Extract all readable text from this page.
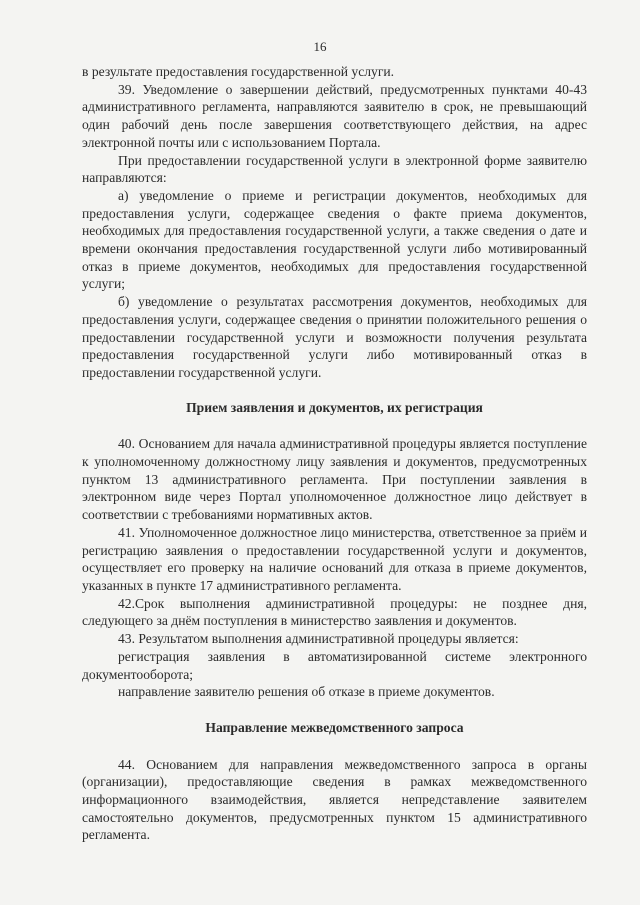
16

в результате предоставления государственной услуги.

39. Уведомление о завершении действий, предусмотренных пунктами 40-43 административного регламента, направляются заявителю в срок, не превышающий один рабочий день после завершения соответствующего действия, на адрес электронной почты или с использованием Портала.

При предоставлении государственной услуги в электронной форме заявителю направляются:

а) уведомление о приеме и регистрации документов, необходимых для предоставления услуги, содержащее сведения о факте приема документов, необходимых для предоставления государственной услуги, а также сведения о дате и времени окончания предоставления государственной услуги либо мотивированный отказ в приеме документов, необходимых для предоставления государственной услуги;

б) уведомление о результатах рассмотрения документов, необходимых для предоставления услуги, содержащее сведения о принятии положительного решения о предоставлении государственной услуги и возможности получения результата предоставления государственной услуги либо мотивированный отказ в предоставлении государственной услуги.

Прием заявления и документов, их регистрация

40. Основанием для начала административной процедуры является поступление к уполномоченному должностному лицу заявления и документов, предусмотренных пунктом 13 административного регламента. При поступлении заявления в электронном виде через Портал уполномоченное должностное лицо действует в соответствии с требованиями нормативных актов.

41. Уполномоченное должностное лицо министерства, ответственное за приём и регистрацию заявления о предоставлении государственной услуги и документов, осуществляет его проверку на наличие оснований для отказа в приеме документов, указанных в пункте 17 административного регламента.

42.Срок выполнения административной процедуры: не позднее дня, следующего за днём поступления в министерство заявления и документов.

43. Результатом выполнения административной процедуры является:

регистрация заявления в автоматизированной системе электронного документооборота;

направление заявителю решения об отказе в приеме документов.

Направление межведомственного запроса

44. Основанием для направления межведомственного запроса в органы (организации), предоставляющие сведения в рамках межведомственного информационного взаимодействия, является непредставление заявителем самостоятельно документов, предусмотренных пунктом 15 административного регламента.
